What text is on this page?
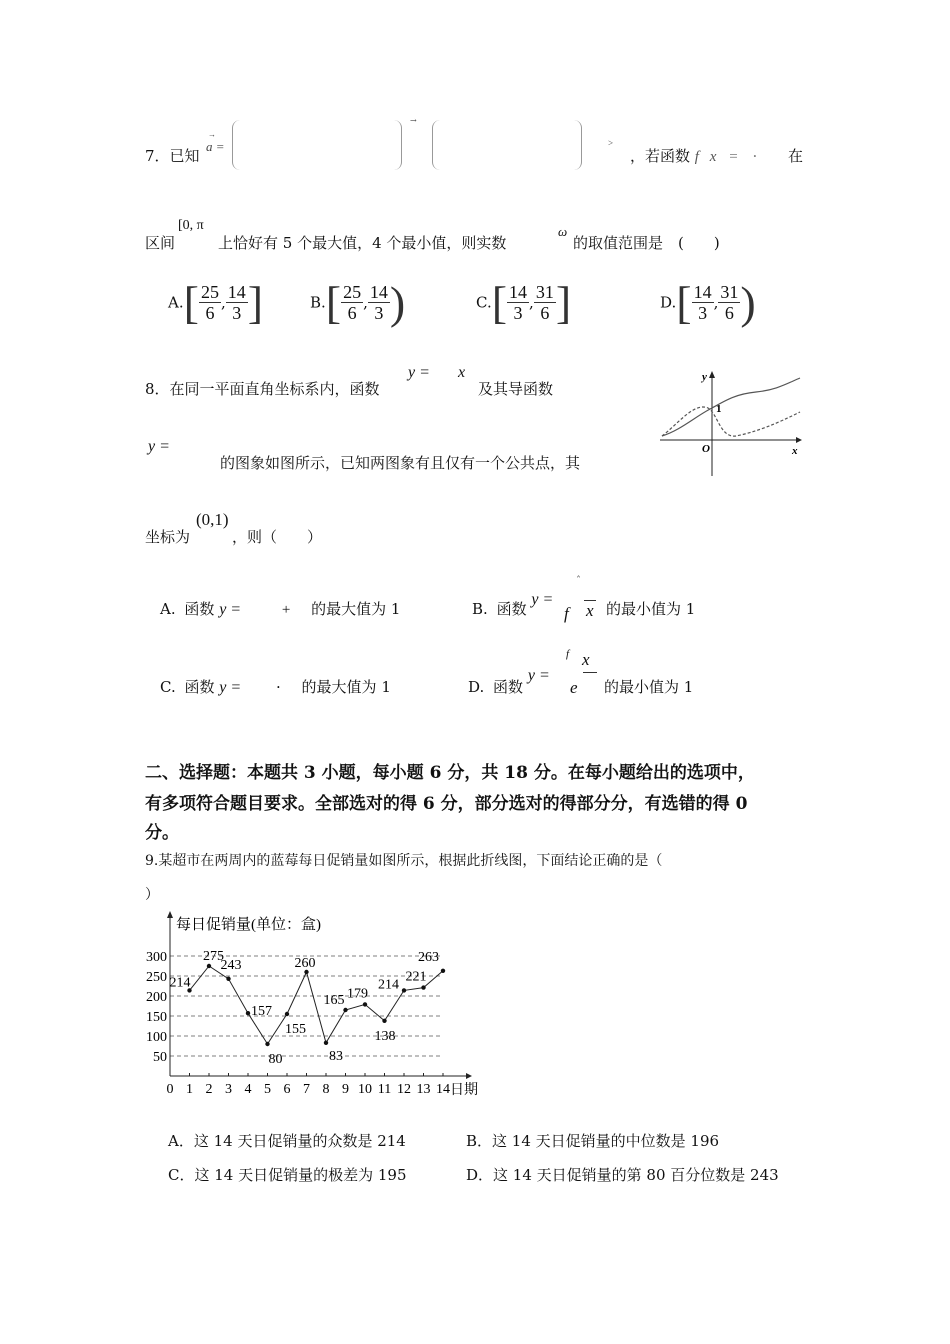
7．已知
→
a =
→
>
，若函数 f x = · 在
区间
[0, π
上恰好有 5 个最大值，4 个最小值，则实数
ω
的取值范围是　(　　)
$A.[ \frac{25}{6}$ , $\frac{14}{3}$ ]	$B.[ \frac{25}{6}$ , $\frac{14}{3}$ )	$C.[ \frac{14}{3}$ , $\frac{31}{6}$ ]	$D.[ \frac{14}{3}$ , $\frac{31}{6}$ )
8．在同一平面直角坐标系内，函数
y = x
及其导函数
y =
的图象如图所示，已知两图象有且仅有一个公共点，其
坐标为
(0,1)
，则（　　）
y
x
O
1
A. 函数 y =	+ 的最大值为 1	B. 函数 y =
ˆ
f x 的最小值为 1
C. 函数 y = · 的最大值为 1	D. 函数 y =
f x
e 的最小值为 1
二、选择题：本题共 3 小题，每小题 6 分，共 18 分。在每小题给出的选项中，
有多项符合题目要求。全部选对的得 6 分，部分选对的得部分分，有选错的得 0
分。
9.某超市在两周内的蓝莓每日促销量如图所示，根据此折线图，下面结论正确的是（
）
50
100
150
200
250
300
0 1 2 3 4 5 6 7 8 9 10 11 12 13 14 日期
每日促销量(单位：盒)
214
275
243
157
80
155
260
83
165 179
138
214
221
263
A．这 14 天日促销量的众数是 214	B．这 14 天日促销量的中位数是 196
C．这 14 天日促销量的极差为 195	D．这 14 天日促销量的第 80 百分位数是 243
